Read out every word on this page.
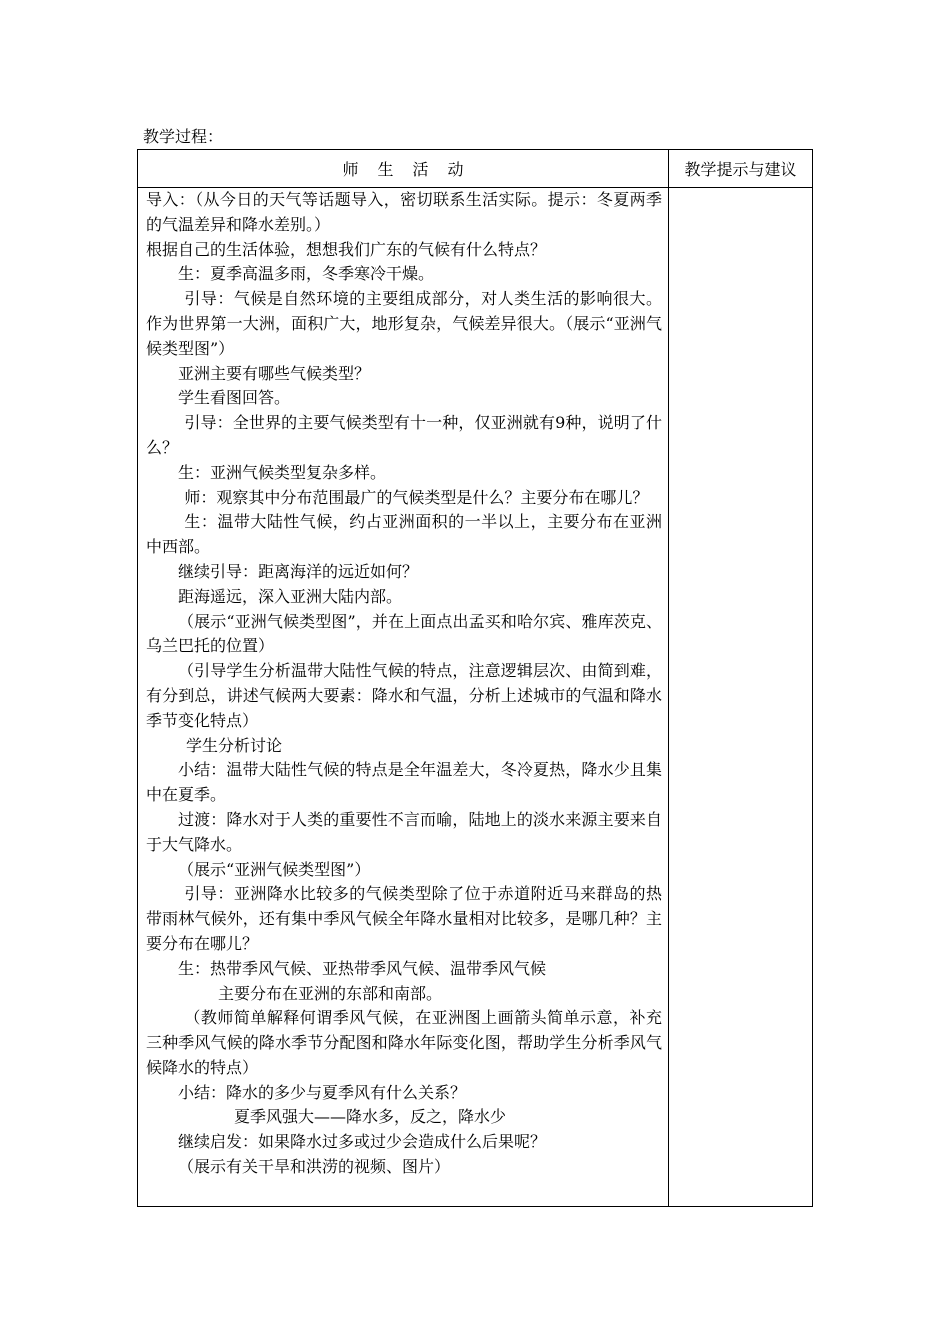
教学过程：
师生活动	教学提示与建议

导入：（从今日的天气等话题导入，密切联系生活实际。提示：冬夏两季的气温差异和降水差别。）

根据自己的生活体验，想想我们广东的气候有什么特点？

生：夏季高温多雨，冬季寒冷干燥。

引导：气候是自然环境的主要组成部分，对人类生活的影响很大。作为世界第一大洲，面积广大，地形复杂，气候差异很大。（展示“亚洲气候类型图”）

亚洲主要有哪些气候类型？

学生看图回答。

引导：全世界的主要气候类型有十一种，仅亚洲就有9种，说明了什么？

生：亚洲气候类型复杂多样。

师：观察其中分布范围最广的气候类型是什么？主要分布在哪儿？

生：温带大陆性气候，约占亚洲面积的一半以上，主要分布在亚洲中西部。

继续引导：距离海洋的远近如何？

距海遥远，深入亚洲大陆内部。

（展示“亚洲气候类型图”，并在上面点出孟买和哈尔宾、雅库茨克、乌兰巴托的位置）

（引导学生分析温带大陆性气候的特点，注意逻辑层次、由简到难，有分到总，讲述气候两大要素：降水和气温，分析上述城市的气温和降水季节变化特点）

学生分析讨论

小结：温带大陆性气候的特点是全年温差大，冬冷夏热，降水少且集中在夏季。

过渡：降水对于人类的重要性不言而喻，陆地上的淡水来源主要来自于大气降水。

（展示“亚洲气候类型图”）

引导：亚洲降水比较多的气候类型除了位于赤道附近马来群岛的热带雨林气候外，还有集中季风气候全年降水量相对比较多，是哪几种？主要分布在哪儿？

生：热带季风气候、亚热带季风气候、温带季风气候

主要分布在亚洲的东部和南部。

（教师简单解释何谓季风气候，在亚洲图上画箭头简单示意，补充三种季风气候的降水季节分配图和降水年际变化图，帮助学生分析季风气候降水的特点）

小结：降水的多少与夏季风有什么关系？

夏季风强大——降水多，反之，降水少

继续启发：如果降水过多或过少会造成什么后果呢？

（展示有关干旱和洪涝的视频、图片）
